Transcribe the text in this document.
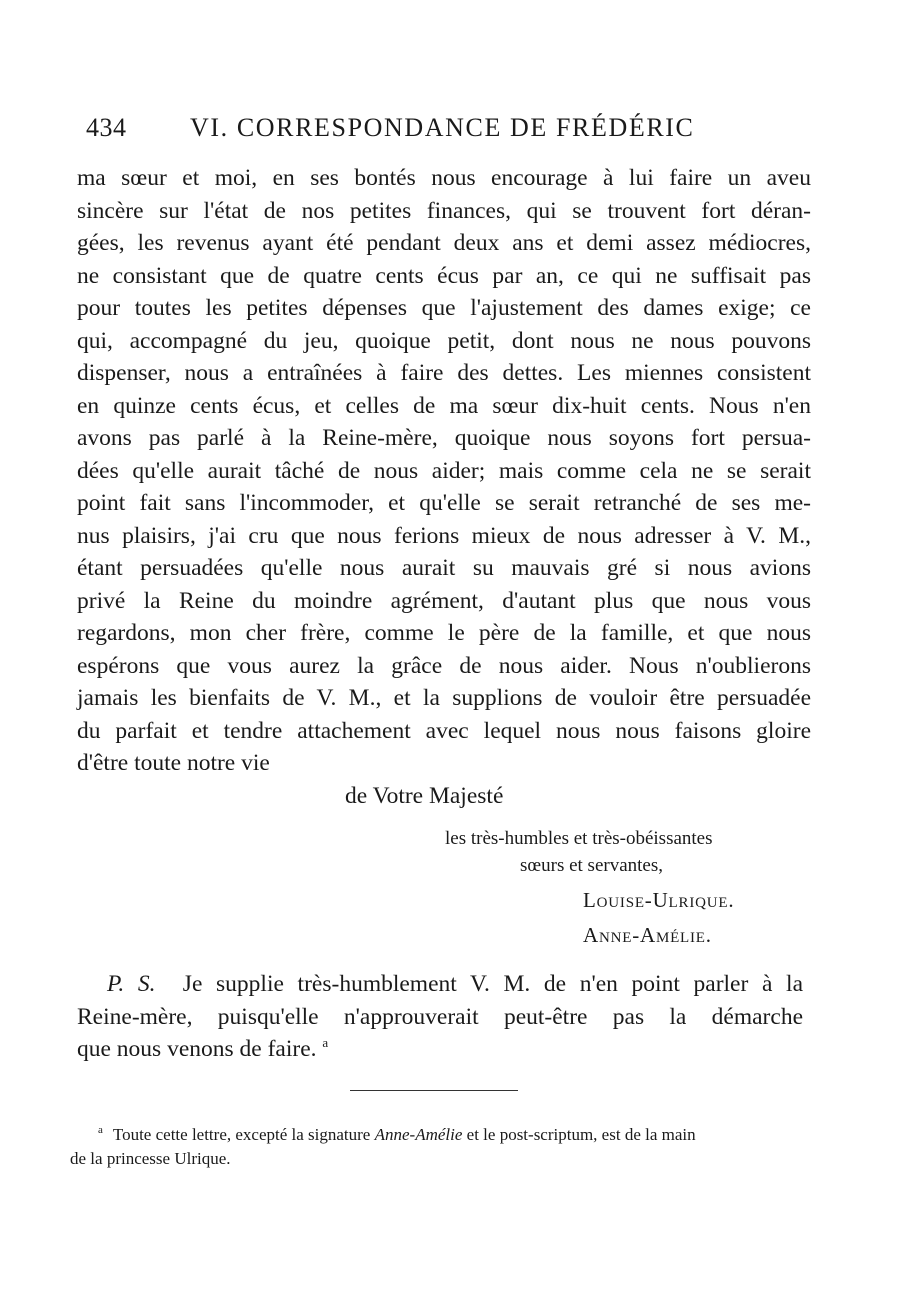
434 VI. CORRESPONDANCE DE FRÉDÉRIC
ma sœur et moi, en ses bontés nous encourage à lui faire un aveu
sincère sur l'état de nos petites finances, qui se trouvent fort déran-
gées, les revenus ayant été pendant deux ans et demi assez médiocres,
ne consistant que de quatre cents écus par an, ce qui ne suffisait pas
pour toutes les petites dépenses que l'ajustement des dames exige; ce
qui, accompagné du jeu, quoique petit, dont nous ne nous pouvons
dispenser, nous a entraînées à faire des dettes. Les miennes consistent
en quinze cents écus, et celles de ma sœur dix-huit cents. Nous n'en
avons pas parlé à la Reine-mère, quoique nous soyons fort persua-
dées qu'elle aurait tâché de nous aider; mais comme cela ne se serait
point fait sans l'incommoder, et qu'elle se serait retranché de ses me-
nus plaisirs, j'ai cru que nous ferions mieux de nous adresser à V. M.,
étant persuadées qu'elle nous aurait su mauvais gré si nous avions
privé la Reine du moindre agrément, d'autant plus que nous vous
regardons, mon cher frère, comme le père de la famille, et que nous
espérons que vous aurez la grâce de nous aider. Nous n'oublierons
jamais les bienfaits de V. M., et la supplions de vouloir être persuadée
du parfait et tendre attachement avec lequel nous nous faisons gloire
d'être toute notre vie
de Votre Majesté
les très-humbles et très-obéissantes
sœurs et servantes,
Louise-Ulrique.
Anne-Amélie.
P. S. Je supplie très-humblement V. M. de n'en point parler à la
Reine-mère, puisqu'elle n'approuverait peut-être pas la démarche
que nous venons de faire. $^a$
$^a$ Toute cette lettre, excepté la signature Anne-Amélie et le post-scriptum, est de la main
de la princesse Ulrique.
